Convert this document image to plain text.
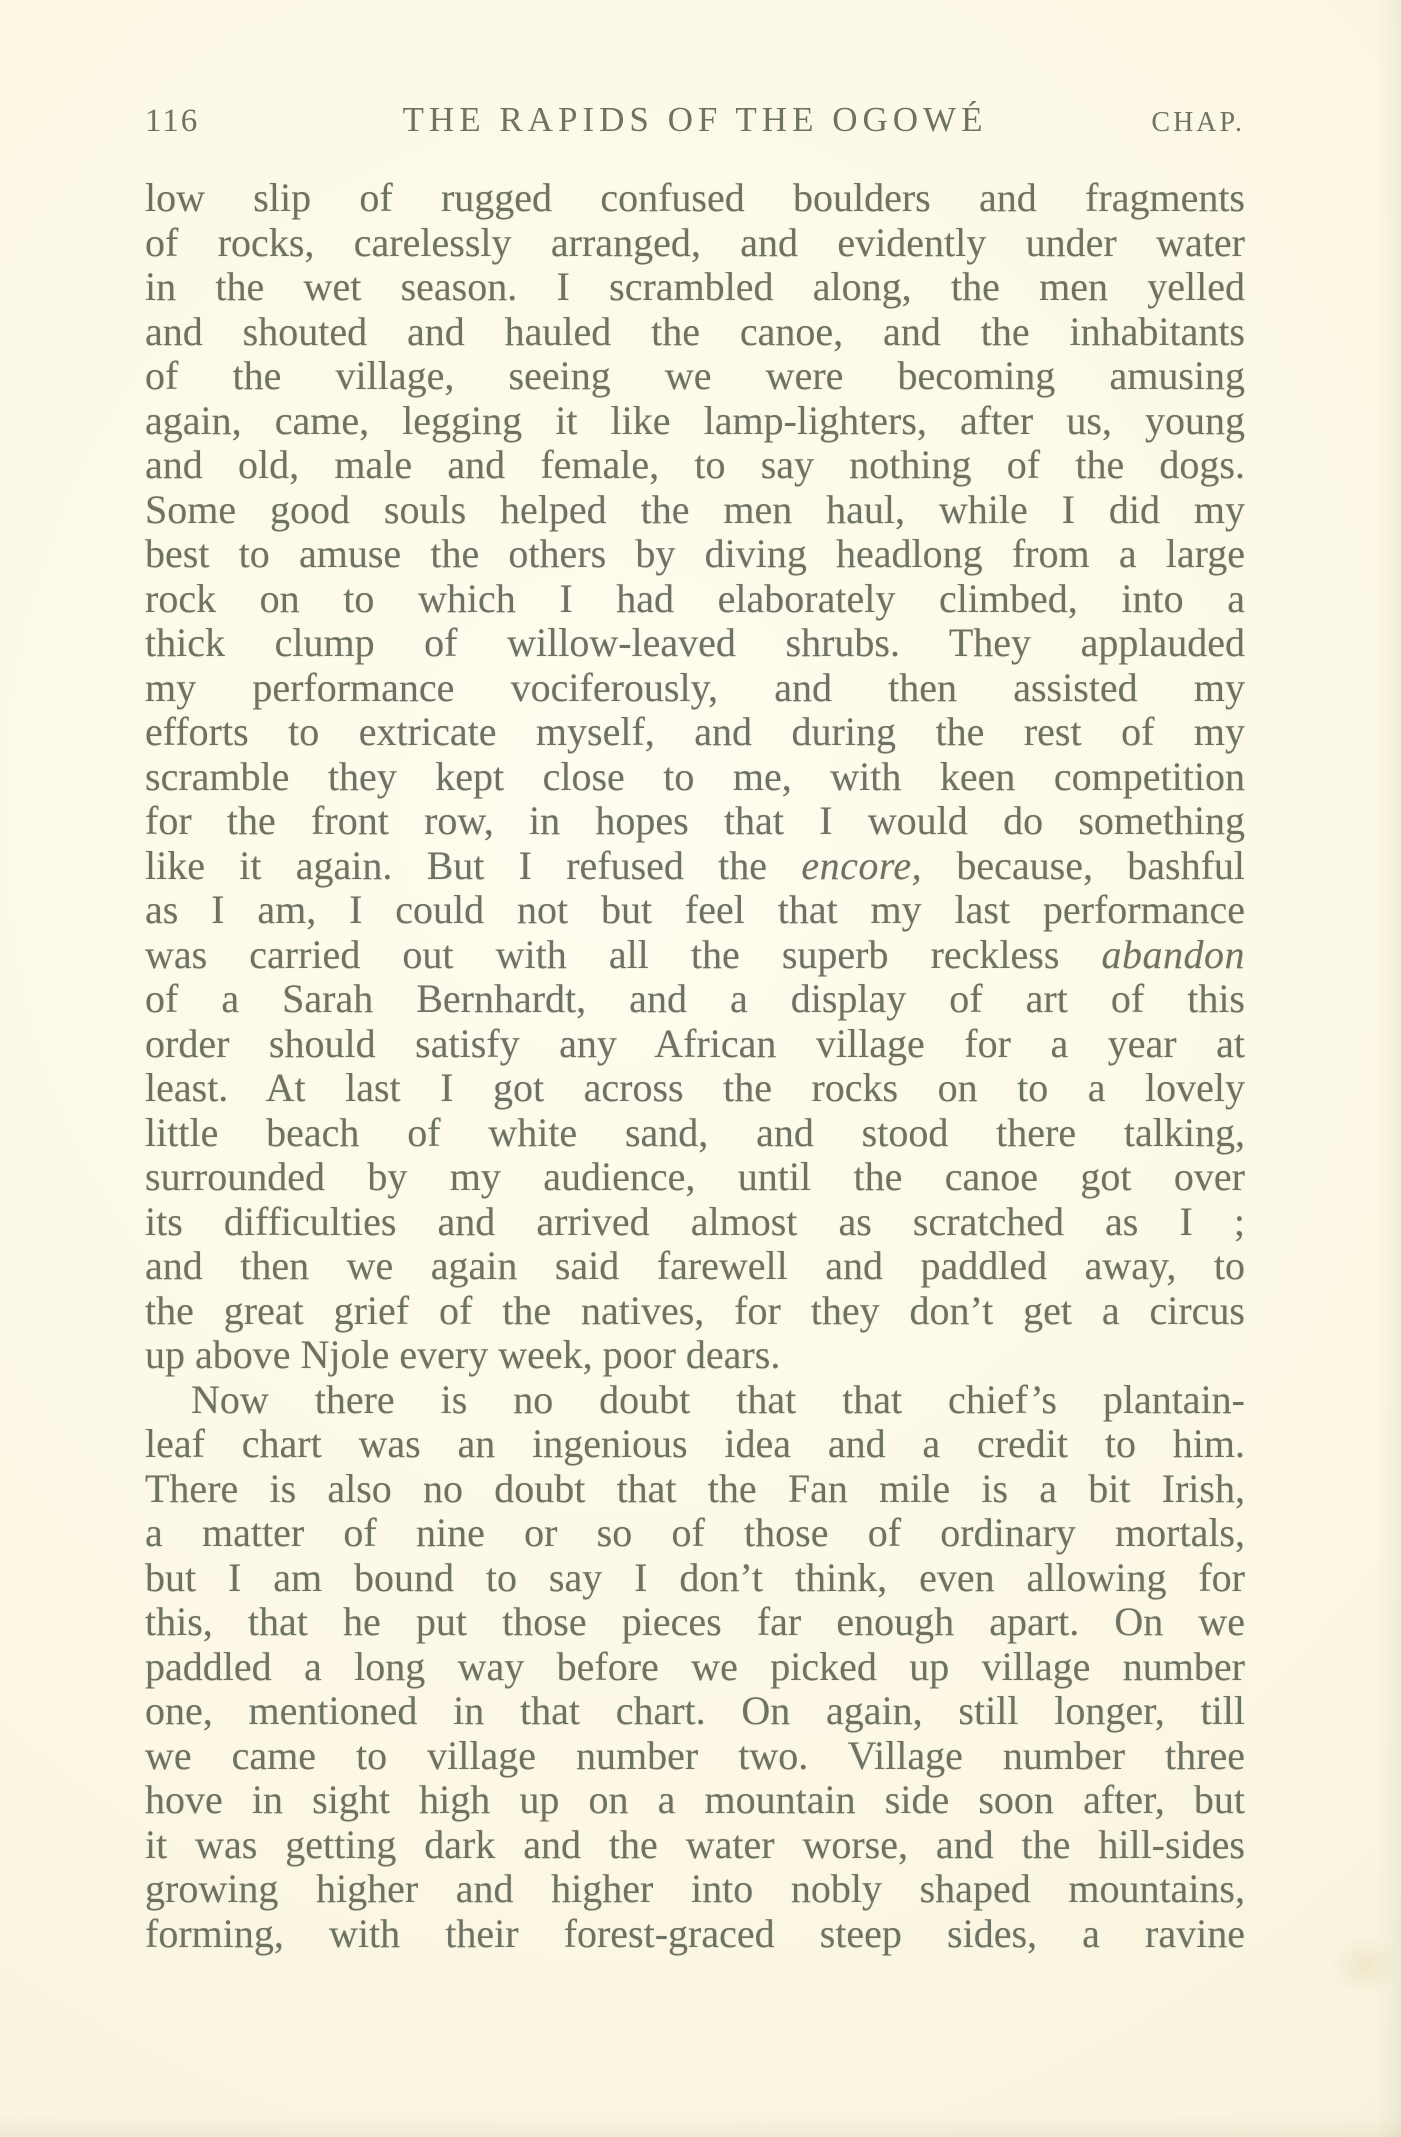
116	THE RAPIDS OF THE OGOWÉ	CHAP.
low slip of rugged confused boulders and fragments
of rocks, carelessly arranged, and evidently under water
in the wet season. I scrambled along, the men yelled
and shouted and hauled the canoe, and the inhabitants
of the village, seeing we were becoming amusing
again, came, legging it like lamp-lighters, after us, young
and old, male and female, to say nothing of the dogs.
Some good souls helped the men haul, while I did my
best to amuse the others by diving headlong from a large
rock on to which I had elaborately climbed, into a
thick clump of willow-leaved shrubs. They applauded
my performance vociferously, and then assisted my
efforts to extricate myself, and during the rest of my
scramble they kept close to me, with keen competition
for the front row, in hopes that I would do something
like it again. But I refused the encore, because, bashful
as I am, I could not but feel that my last performance
was carried out with all the superb reckless abandon
of a Sarah Bernhardt, and a display of art of this
order should satisfy any African village for a year at
least. At last I got across the rocks on to a lovely
little beach of white sand, and stood there talking,
surrounded by my audience, until the canoe got over
its difficulties and arrived almost as scratched as I ;
and then we again said farewell and paddled away, to
the great grief of the natives, for they don’t get a circus
up above Njole every week, poor dears.
Now there is no doubt that that chief’s plantain-
leaf chart was an ingenious idea and a credit to him.
There is also no doubt that the Fan mile is a bit Irish,
a matter of nine or so of those of ordinary mortals,
but I am bound to say I don’t think, even allowing for
this, that he put those pieces far enough apart. On we
paddled a long way before we picked up village number
one, mentioned in that chart. On again, still longer, till
we came to village number two. Village number three
hove in sight high up on a mountain side soon after, but
it was getting dark and the water worse, and the hill-sides
growing higher and higher into nobly shaped mountains,
forming, with their forest-graced steep sides, a ravine
